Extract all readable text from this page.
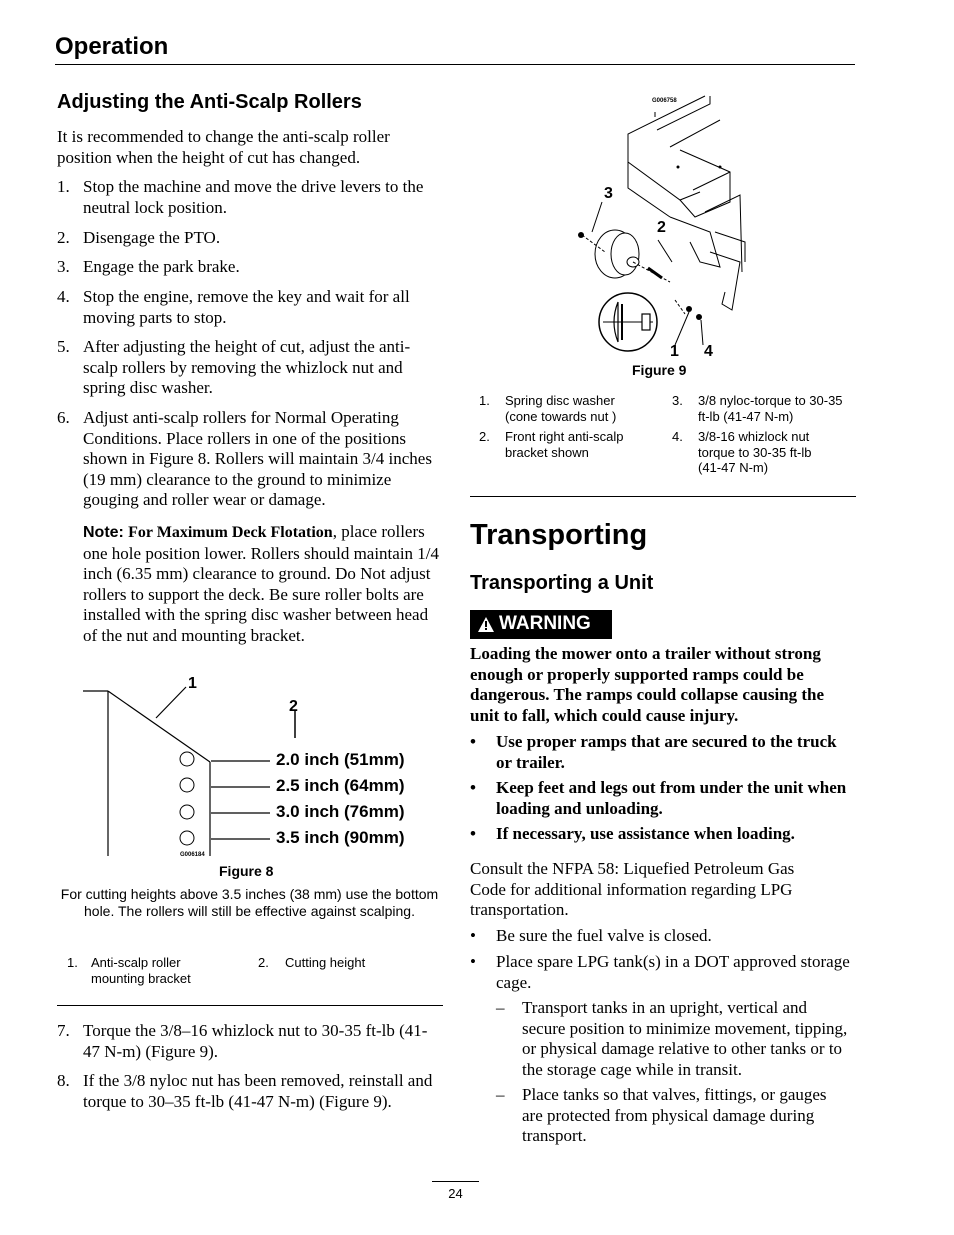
Operation
Adjusting the Anti-Scalp Rollers
It is recommended to change the anti-scalp roller position when the height of cut has changed.
1. Stop the machine and move the drive levers to the neutral lock position.
2. Disengage the PTO.
3. Engage the park brake.
4. Stop the engine, remove the key and wait for all moving parts to stop.
5. After adjusting the height of cut, adjust the anti-scalp rollers by removing the whizlock nut and spring disc washer.
6. Adjust anti-scalp rollers for Normal Operating Conditions. Place rollers in one of the positions shown in Figure 8. Rollers will maintain 3/4 inches (19 mm) clearance to the ground to minimize gouging and roller wear or damage.
Note: For Maximum Deck Flotation, place rollers one hole position lower. Rollers should maintain 1/4 inch (6.35 mm) clearance to ground. Do Not adjust rollers to support the deck. Be sure roller bolts are installed with the spring disc washer between head of the nut and mounting bracket.
1
2
2.0 inch (51mm)
2.5 inch (64mm)
3.0 inch (76mm)
3.5 inch (90mm)
G006184
Figure 8
For cutting heights above 3.5 inches (38 mm) use the bottom hole. The rollers will still be effective against scalping.
1. Anti-scalp roller mounting bracket
2. Cutting height
7. Torque the 3/8–16 whizlock nut to 30-35 ft-lb (41-47 N-m) (Figure 9).
8. If the 3/8 nyloc nut has been removed, reinstall and torque to 30–35 ft-lb (41-47 N-m) (Figure 9).
G006758
3
2
1 4
Figure 9
1. Spring disc washer (cone towards nut )
2. Front right anti-scalp bracket shown
3. 3/8 nyloc-torque to 30-35 ft-lb (41-47 N-m)
4. 3/8-16 whizlock nut torque to 30-35 ft-lb (41-47 N-m)
Transporting
Transporting a Unit
WARNING
Loading the mower onto a trailer without strong enough or properly supported ramps could be dangerous. The ramps could collapse causing the unit to fall, which could cause injury.
• Use proper ramps that are secured to the truck or trailer.
• Keep feet and legs out from under the unit when loading and unloading.
• If necessary, use assistance when loading.
Consult the NFPA 58: Liquefied Petroleum Gas Code for additional information regarding LPG transportation.
• Be sure the fuel valve is closed.
• Place spare LPG tank(s) in a DOT approved storage cage.
– Transport tanks in an upright, vertical and secure position to minimize movement, tipping, or physical damage relative to other tanks or to the storage cage while in transit.
– Place tanks so that valves, fittings, or gauges are protected from physical damage during transport.
24
